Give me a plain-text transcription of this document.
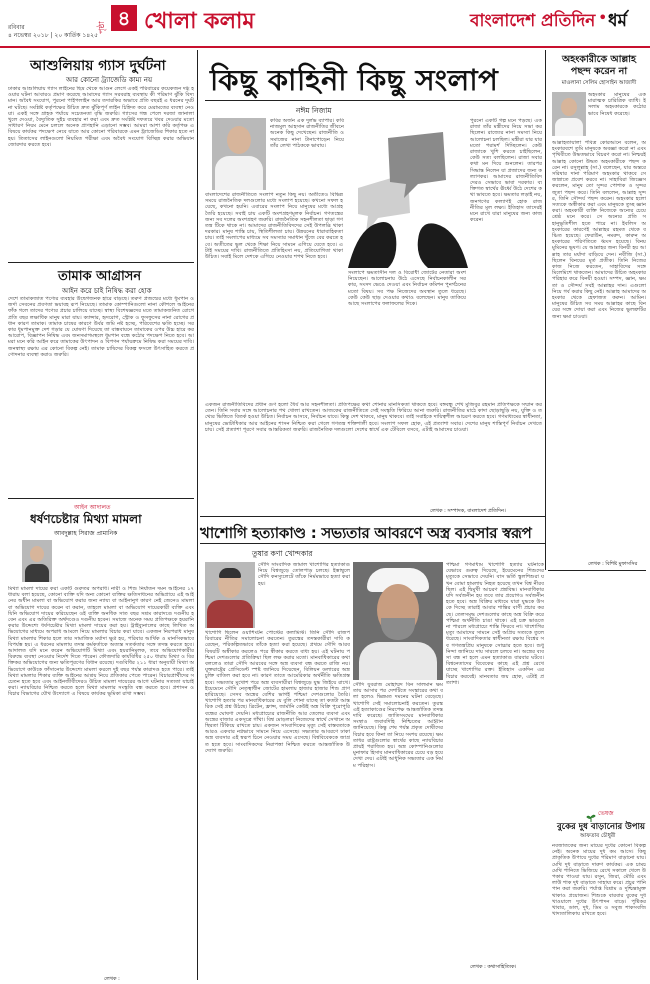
রবিবার
৪ নভেম্বর ২০১৮ | ২০ কার্তিক ১৪২৫
পৃষ্ঠা ৪ খোলা কলাম	বাংলাদেশ প্রতিদিন • ধর্ম
আশুলিয়ায় গ্যাস দুর্ঘটনা
আর কোনো ট্র্যাজেডি কাম্য নয়
ঢাকার আশুলিয়ায় গ্যাস লাইনের ছিদ্র থেকে আগুন লেগে একই পরিবারের কয়েকজন দগ্ধ হওয়ার ঘটনা আবারও প্রমাণ করেছে আমাদের গ্যাস সরবরাহ ব্যবস্থায় কী পরিমাণ ঝুঁকি বিদ্যমান। অবৈধ সংযোগ, পুরনো পাইপলাইন আর তদারকির অভাবে প্রতি বছরই এ ধরনের দুর্ঘটনা ঘটছে। সংশ্লিষ্ট কর্তৃপক্ষের উচিত দ্রুত ঝুঁকিপূর্ণ লাইন চিহ্নিত করে মেরামতের ব্যবস্থা নেওয়া। একই সঙ্গে গ্রাহক পর্যায়ে সচেতনতা বৃদ্ধি জরুরি। গ্যাসের গন্ধ পেলে দরজা জানালা খুলে দেওয়া, বৈদ্যুতিক সুইচ ব্যবহার না করা এবং দ্রুত সংশ্লিষ্ট দফতরে খবর দেওয়ার মতো সাধারণ নিয়ম মেনে চললে অনেক প্রাণহানি এড়ানো সম্ভব। আমরা আশা করি কর্তৃপক্ষ এ বিষয়ে কার্যকর পদক্ষেপ নেবে যাতে আর কোনো পরিবারকে এমন ট্র্যাজেডির শিকার হতে না হয়। তিতাসের লাইনগুলো নিয়মিত পরীক্ষা এবং অবৈধ সংযোগ বিচ্ছিন্ন করার অভিযান জোরদার করতে হবে।
তামাক আগ্রাসন
আইন করে চাই নিষিদ্ধ করা হোক
দেশে তামাকজাত পণ্যের ব্যবহার উদ্বেগজনক হারে বাড়ছে। তরুণ প্রজন্মের মধ্যে ধূমপান ও জর্দা সেবনের প্রবণতা ভয়াবহ রূপ নিয়েছে। তামাক কোম্পানিগুলো নানা কৌশলে আইনের ফাঁক গলে তাদের পণ্যের প্রচার চালিয়ে যাচ্ছে। স্বাস্থ্য বিশেষজ্ঞদের মতে তামাকজনিত রোগে প্রতি বছর লক্ষাধিক মানুষ মারা যায়। ক্যান্সার, হৃদরোগ, স্ট্রোক ও ফুসফুসের নানা রোগের প্রধান কারণ তামাক। তামাক চাষের কারণে উর্বর জমি নষ্ট হচ্ছে, পরিবেশের ক্ষতি হচ্ছে। সরকার ধূমপানমুক্ত দেশ গড়ার যে ঘোষণা দিয়েছে তা বাস্তবায়নে তামাকের ওপর উচ্চ হারে কর আরোপ, বিজ্ঞাপন নিষিদ্ধ এবং জনসমাগমস্থলে ধূমপান বন্ধে কঠোর পদক্ষেপ নিতে হবে। আমরা মনে করি আইন করে তামাকের উৎপাদন ও বিপণন পর্যায়ক্রমে নিষিদ্ধ করা সময়ের দাবি। জনস্বাস্থ্য রক্ষায় এর কোনো বিকল্প নেই। তামাক চাষিদের বিকল্প ফসলে উৎসাহিত করতে প্রণোদনার ব্যবস্থা করাও জরুরি।
আইন আদালত
ধর্ষণচেষ্টার মিথ্যা মামলা
আবদুল্লাহ সিরাজ প্রামানিক
মিথ্যা মামলা দায়ের করা একটি গুরুতর অপরাধ। নারী ও শিশু নির্যাতন দমন আইনের ১৭ ধারায় বলা হয়েছে, কোনো ব্যক্তি যদি অন্য কোনো ব্যক্তির ক্ষতিসাধনের অভিপ্রায়ে এই আইনের অধীন মামলা বা অভিযোগ করার জন্য ন্যায্য বা আইনানুগ কারণ নেই জেনেও মামলা বা অভিযোগ দায়ের করেন বা করান, তাহলে মামলা বা অভিযোগ দায়েরকারী ব্যক্তি এবং যিনি অভিযোগ দায়ের করিয়েছেন ওই ব্যক্তি অনধিক সাত বছর সশ্রম কারাদণ্ডে দণ্ডনীয় হবেন এবং এর অতিরিক্ত অর্থদণ্ডেও দণ্ডনীয় হবেন। সমাজে অনেক সময় প্রতিপক্ষকে হয়রানি করার উদ্দেশ্যে ধর্ষণচেষ্টার মিথ্যা মামলা দায়ের করা হয়। ট্রাইব্যুনালের কাছে লিখিত অভিযোগের মাধ্যমে অপরাধ আমলে নিয়ে মামলার বিচার করা যাবে। একজন নিরপরাধ মানুষ মিথ্যা মামলার শিকার হলে তার সামাজিক মর্যাদা ক্ষুণ্ণ হয়, পরিবার আর্থিক ও মানসিকভাবে বিপর্যস্ত হয়। এ ধরনের মামলায় তদন্ত কর্মকর্তাকে অত্যন্ত সতর্কতার সঙ্গে তদন্ত করতে হবে। আদালত যদি মনে করেন অভিযোগটি মিথ্যা এবং হয়রানিমূলক, তবে অভিযোগকারীর বিরুদ্ধে ব্যবস্থা নেওয়ার নির্দেশ দিতে পারেন। ফৌজদারি কার্যবিধির ২৫০ ধারায় মিথ্যা ও বিরক্তিকর অভিযোগের জন্য ক্ষতিপূরণের বিধান রয়েছে। দণ্ডবিধির ২১১ ধারা অনুযায়ী মিথ্যা অভিযোগে কাউকে ফাঁসানোর উদ্দেশ্যে মামলা করলে দুই বছর পর্যন্ত কারাদণ্ড হতে পারে। তাই মিথ্যা মামলার শিকার ব্যক্তি আইনের আশ্রয় নিয়ে প্রতিকার পেতে পারেন। বিচারপ্রার্থীদের সচেতন হতে হবে এবং আইনজীবীদেরও উচিত মামলা দায়েরের আগে ঘটনার সত্যতা যাচাই করা। ন্যায়বিচার নিশ্চিত করতে হলে মিথ্যা মামলার সংস্কৃতি বন্ধ করতে হবে। প্রশাসন ও বিচার বিভাগের যৌথ উদ্যোগে এ বিষয়ে কার্যকর ভূমিকা রাখা সম্ভব।
লেখক :
কিছু কাহিনী কিছু সংলাপ
নঈম নিজাম
কবির অর্জন এক দুর্লভ ব্যাপার। কবি নাজমুল আহসান রাজনীতির জীবনে অনেক কিছু দেখেছেন। রাজনীতি ও সমাজের নানা টানাপোড়েন নিয়ে তাঁর লেখা পাঠককে ভাবায়।
বাংলাদেশের রাজনীতিতে সংলাপ নতুন কিছু নয়। অতীতেও বিভিন্ন সময়ে রাজনৈতিক দলগুলোর মধ্যে সংলাপ হয়েছে। কখনো সফল হয়েছে, কখনো হয়নি। এবারের সংলাপ নিয়ে মানুষের মধ্যে আগ্রহ তৈরি হয়েছে। সবাই চায় একটি অংশগ্রহণমূলক নির্বাচন। গণতন্ত্রের জন্য সব দলের অংশগ্রহণ জরুরি। রাজনৈতিক সহনশীলতা ছাড়া গণতন্ত্র টিকে থাকে না। আমাদের রাজনীতিবিদদের সেই উপলব্ধি থাকা দরকার। মানুষ শান্তি চায়, স্থিতিশীলতা চায়। উন্নয়নের ধারাবাহিকতা চায়। তাই সংলাপের মাধ্যমে সব সমস্যার সমাধান খুঁজে বের করতে হবে। অতীতের ভুল থেকে শিক্ষা নিয়ে সামনে এগিয়ে যেতে হবে। এটাই সময়ের দাবি। রাজনীতিতে প্রতিহিংসা নয়, প্রতিযোগিতা থাকা উচিত। সবাই মিলে দেশকে এগিয়ে নেওয়ার শপথ নিতে হবে।
সংলাপে ক্ষমতাসীন দল ও বিরোধী জোটের নেতারা অংশ নিয়েছেন। আলোচনায় উঠে এসেছে নির্বাচনকালীন সরকার, সংসদ ভেঙে দেওয়া এবং নির্বাচন কমিশন পুনর্গঠনের মতো বিষয়। সব পক্ষ নিজেদের অবস্থান তুলে ধরেছে। কেউ কেউ ছাড় দেওয়ার কথাও বলেছেন। মানুষ তাকিয়ে আছে সংলাপের ফলাফলের দিকে।
পুরনো একটি গল্প মনে পড়ছে। এক রাজা তাঁর মন্ত্রীদের নিয়ে সভা করছিলেন। রাজ্যের নানা সমস্যা নিয়ে আলোচনা চলছিল। মন্ত্রীরা যার যার মতো পরামর্শ দিচ্ছিলেন। কেউ রাজাকে খুশি করতে চাইছিলেন, কেউ সত্য বলছিলেন। রাজা সবার কথা মন দিয়ে শুনলেন। তারপর সিদ্ধান্ত নিলেন যা প্রজাদের জন্য কল্যাণকর। আমাদের রাজনীতিবিদদেরও সেভাবে ভাবা দরকার। ব্যক্তিগত স্বার্থের ঊর্ধ্বে উঠে দেশের কথা ভাবতে হবে। ক্ষমতার লড়াই নয়, জনগণের কল্যাণই হোক রাজনীতির মূল লক্ষ্য। ইতিহাস তাদেরই মনে রাখে যারা মানুষের জন্য কাজ করেন।
একজন রাজনীতিবিদের প্রধান গুণ হলো ধৈর্য আর সহনশীলতা। প্রতিপক্ষের কথা শোনার মানসিকতা থাকতে হবে। বঙ্গবন্ধু শেখ মুজিবুর রহমান প্রতিপক্ষকে সম্মান করতেন। তিনি সবার সঙ্গে আলোচনার পথ খোলা রাখতেন। আজকের রাজনীতিতে সেই সংস্কৃতি ফিরিয়ে আনা জরুরি। রাজনীতির মাঠে কাদা ছোড়াছুড়ি নয়, যুক্তি ও তথ্যের ভিত্তিতে বিতর্ক হওয়া উচিত। নির্বাচন আসবে, নির্বাচন যাবে। কিন্তু দেশ থাকবে, মানুষ থাকবে। তাই সবাইকে দায়িত্বশীল আচরণ করতে হবে। গণমাধ্যমের স্বাধীনতা, মানুষের ভোটাধিকার আর আইনের শাসন নিশ্চিত করা গেলে গণতন্ত্র শক্তিশালী হবে। সংলাপ সফল হোক, এই প্রত্যাশা সবার। দেশের মানুষ শান্তিপূর্ণ নির্বাচন দেখতে চায়। সেই প্রত্যাশা পূরণে সবার আন্তরিকতা জরুরি। রাজনৈতিক দলগুলো দেশের স্বার্থে এক টেবিলে বসবে, এটাই আমাদের চাওয়া।
লেখক : সম্পাদক, বাংলাদেশ প্রতিদিন।
অহংকারীকে আল্লাহ পছন্দ করেন না
মাওলানা সেলিম হোসাইন আজাদী
অহংকার মানুষের এক মারাত্মক চারিত্রিক ব্যাধি। ইসলাম অহংকারকে কঠোরভাবে নিষেধ করেছে।
আল্লাহতায়ালা পবিত্র কোরআনে বলেন, অহংকারবশে তুমি মানুষকে অবজ্ঞা করো না এবং পৃথিবীতে উদ্ধতভাবে বিচরণ করো না। নিশ্চয়ই আল্লাহ কোনো উদ্ধত অহংকারীকে পছন্দ করেন না। রসুলুল্লাহ (সা.) বলেছেন, যার অন্তরে সরিষার দানা পরিমাণ অহংকার থাকবে সে জান্নাতে প্রবেশ করবে না। সাহাবিরা জিজ্ঞেস করলেন, মানুষ তো সুন্দর পোশাক ও সুন্দর জুতা পছন্দ করে। তিনি বললেন, আল্লাহ সুন্দর, তিনি সৌন্দর্য পছন্দ করেন। অহংকার হলো সত্যকে অস্বীকার করা এবং মানুষকে তুচ্ছ জ্ঞান করা। অহংকারী ব্যক্তি নিজেকে অন্যের চেয়ে শ্রেষ্ঠ মনে করে। সে অন্যের প্রতি সহানুভূতিশীল হতে পারে না। ইবলিস অহংকারের কারণেই আল্লাহর রহমত থেকে বঞ্চিত হয়েছে। ফেরাউন, নমরুদ, কারুন অহংকারের পরিণতিতে ধ্বংস হয়েছে। বিনয় মুমিনের ভূষণ। যে আল্লাহর জন্য বিনয়ী হয় আল্লাহ তার মর্যাদা বাড়িয়ে দেন। নবীজি (সা.) ছিলেন বিনয়ের মূর্ত প্রতীক। তিনি নিজের কাজ নিজে করতেন, সাহাবিদের সঙ্গে মিলেমিশে থাকতেন। আমাদের উচিত অহংকার পরিহার করে বিনয়ী হওয়া। সম্পদ, জ্ঞান, ক্ষমতা ও সৌন্দর্য সবই আল্লাহর দান। এগুলো নিয়ে গর্ব করার কিছু নেই। আল্লাহ আমাদের অহংকার থেকে হেফাজত করুন। আমিন। মানুষের উচিত সব সময় আল্লাহর কাছে বিনয়ের সঙ্গে দোয়া করা এবং নিজের ভুলত্রুটির জন্য ক্ষমা চাওয়া।
লেখক : বিশিষ্ট মুফাসসির
খাশোগি হত্যাকাণ্ড : সভ্যতার আবরণে অস্ত্র ব্যবসার স্বরূপ
তুষার কণা খোন্দকার
সৌদি সাংবাদিক জামাল খাশোগির হত্যাকাণ্ড নিয়ে বিশ্বজুড়ে তোলপাড় চলছে। ইস্তাম্বুলে সৌদি কনস্যুলেটে তাঁকে নির্মমভাবে হত্যা করা হয়।
খাশোগি ছিলেন ওয়াশিংটন পোস্টের কলামিস্ট। তিনি সৌদি রাজপরিবারের নীতির সমালোচনা করতেন। তুরস্কের তদন্তকারীরা দাবি করেছেন, পরিকল্পিতভাবে তাঁকে হত্যা করা হয়েছে। প্রথমে সৌদি আরব বিষয়টি অস্বীকার করলেও পরে স্বীকার করতে বাধ্য হয়। এই ঘটনায় পশ্চিমা দেশগুলোর প্রতিক্রিয়া ছিল লক্ষ করার মতো। মানবাধিকারের কথা বললেও তারা সৌদি আরবের সঙ্গে অস্ত্র ব্যবসা বন্ধ করতে রাজি নয়। যুক্তরাষ্ট্রের প্রেসিডেন্ট স্পষ্ট জানিয়ে দিয়েছেন, বিলিয়ন ডলারের অস্ত্র চুক্তি বাতিল করা হবে না। কারণ তাতে আমেরিকার অর্থনীতি ক্ষতিগ্রস্ত হবে। সভ্যতার মুখোশ পরে অস্ত্র ব্যবসায়ীরা বিশ্বজুড়ে যুদ্ধ জিইয়ে রাখে। ইয়েমেনে সৌদি নেতৃত্বাধীন জোটের হামলায় হাজার হাজার শিশু প্রাণ হারিয়েছে। সেসব অস্ত্রের বেশির ভাগই পশ্চিমা দেশগুলোর তৈরি। খাশোগি হত্যার পর মানবাধিকারের যে বুলি শোনা যাচ্ছে তা কতটা আন্তরিক সেই প্রশ্ন উঠছে। ব্রিটেন, ফ্রান্স, জার্মানি কেউই অস্ত্র বিক্রি পুরোপুরি বন্ধের ঘোষণা দেয়নি। মধ্যপ্রাচ্যের রাজনীতি আর তেলের ব্যবসা এবং অস্ত্রের বাজার একসূত্রে গাঁথা। বিশ্ব মোড়লরা নিজেদের স্বার্থে সেখানে অস্থিরতা টিকিয়ে রাখতে চায়। একজন সাংবাদিকের মৃত্যু সেই বাস্তবতাকে আরও একবার নগ্নভাবে সামনে নিয়ে এসেছে। সভ্যতার আবরণে ঢাকা অস্ত্র ব্যবসার এই স্বরূপ চিনে নেওয়ার সময় এসেছে। বিশ্ববিবেককে জাগ্রত হতে হবে। সাংবাদিকদের নিরাপত্তা নিশ্চিত করতে আন্তর্জাতিক উদ্যোগ জরুরি।
সৌদি যুবরাজ মোহাম্মদ বিন সালমান ক্ষমতায় আসার পর দেশটিতে সংস্কারের কথা বলা হলেও ভিন্নমত দমনের ঘটনা বেড়েছে। খাশোগি সেই সমালোচনাই করতেন। তুরস্ক এই হত্যাকাণ্ডের নিরপেক্ষ আন্তর্জাতিক তদন্ত দাবি করেছে। জাতিসংঘের মানবাধিকার সংস্থাও জবাবদিহি নিশ্চিতের আহ্বান জানিয়েছে। কিন্তু শেষ পর্যন্ত প্রকৃত দোষীদের বিচার হবে কিনা তা নিয়ে সংশয় রয়েছে। ক্ষমতাধর রাষ্ট্রগুলোর স্বার্থের কাছে ন্যায়বিচার প্রায়ই পরাজিত হয়। অস্ত্র কোম্পানিগুলোর মুনাফার হিসাব মানবাধিকারের চেয়ে বড় হয়ে দেখা দেয়। এটাই আধুনিক সভ্যতার এক নির্মম পরিহাস।
পশ্চিমা গণমাধ্যম খাশোগি হত্যার ঘটনাকে যেভাবে গুরুত্ব দিয়েছে, ইয়েমেনের শিশুদের মৃত্যুকে সেভাবে দেয়নি। বাস ভর্তি স্কুলশিশুরা যখন বোমা হামলায় নিহত হয়েছে তখন বিশ্ব নীরব ছিল। এই দ্বিমুখী আচরণ প্রশ্নবিদ্ধ। মানবাধিকার যদি সর্বজনীন হয় তবে তার প্রয়োগও সর্বজনীন হতে হবে। অস্ত্র বিক্রির মাধ্যমে যারা যুদ্ধকে উসকে দিচ্ছে তারাই আবার শান্তির বাণী প্রচার করছে। তেলসমৃদ্ধ দেশগুলোর কাছে অস্ত্র বিক্রি করে পশ্চিমা অর্থনীতি চাঙা থাকে। এই চক্র ভাঙতে না পারলে মধ্যপ্রাচ্যে শান্তি ফিরবে না। খাশোগির মৃত্যু আমাদের সামনে সেই অপ্রিয় সত্যকে তুলে ধরেছে। সাংবাদিকতার স্বাধীনতা রক্ষায় বিশ্বের সব গণতন্ত্রপ্রিয় মানুষকে সোচ্চার হতে হবে। শুধু নিন্দা জানিয়ে দায় সারলে চলবে না। অস্ত্রের ব্যবসা বন্ধ না হলে এমন হত্যাকাণ্ড বারবার ঘটবে। বিশ্বনেতাদের বিবেকের কাছে এই প্রশ্ন রেখে যাচ্ছে খাশোগির রক্ত। ইতিহাস একদিন এর বিচার করবেই। মানবতার জয় হোক, এটাই প্রত্যাশা।
লেখক : কথাসাহিত্যিক।
ভেষজ
বুকের দুধ বাড়ানোর উপায়
আফতাব চৌধুরী
নবজাতকের জন্য মায়ের দুধের কোনো বিকল্প নেই। অনেক মায়ের দুধ কম আসে। কিছু প্রাকৃতিক উপায়ে দুধের পরিমাণ বাড়ানো যায়। মেথি দুধ বাড়াতে দারুণ কার্যকর। এক চামচ মেথি পানিতে ভিজিয়ে রেখে সকালে খেলে উপকার পাওয়া যায়। রসুন, জিরা, মৌরি এবং লাউ শাক দুধ বাড়াতে সাহায্য করে। প্রচুর পানি পান করা জরুরি। পর্যাপ্ত বিশ্রাম ও দুশ্চিন্তামুক্ত থাকাও প্রয়োজন। শিশুকে বারবার বুকের দুধ খাওয়ালে দুধের উৎপাদন বাড়ে। পুষ্টিকর খাবার, ডাল, দুধ, ডিম ও সবুজ শাকসবজি খাদ্যতালিকায় রাখতে হবে।
